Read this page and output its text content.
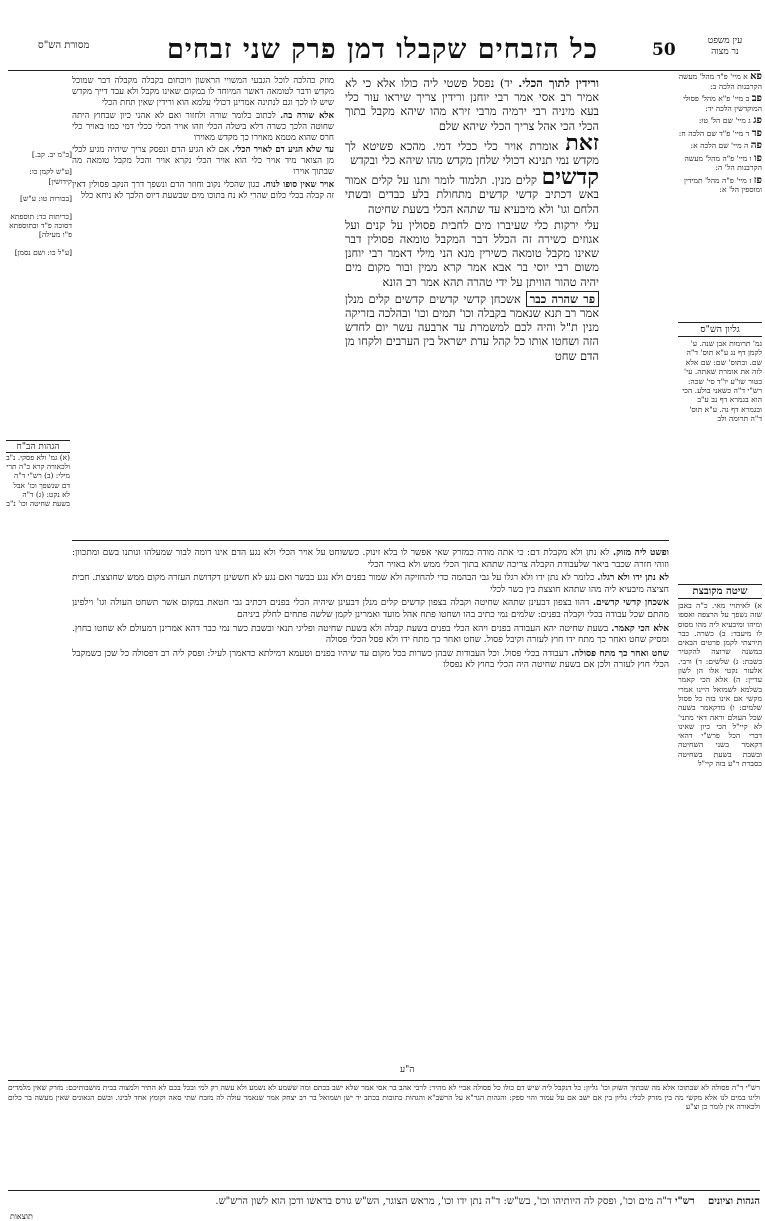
עין משפט
נר מצוה
50
כל הזבחים שקבלו דמן פרק שני זבחים
מסורת הש"ס
פא א מיי' פ"ד מהל' מעשה הקרבנות הלכה ב:
פב ב מיי' פ"א מהל' פסולי המוקדשין הלכה יד:
פג ג מיי' שם הל' טו:
פד ד מיי' פ"ד שם הלכה ח:
פה ה מיי' שם הלכה א:
פו ו מיי' פ"ה מהל' מעשה הקרבנות הל' ה:
פז ז מיי' פ"ה מהל' תמידין ומוספין הל' א:
גליון הש"ס
גמ' תרומות אבן שנה. ע' לקמן דף נג ע"א תוס' ד"ה שם. ובתוס' שם: שם אלא לזה את אומרת שאתה. עי' בטור שו"ע יו"ד סי' שכה: רש"י ד"ה כשאני בולע. הכי הוא בגמרא דף נב ע"ב ובגמרא דף נה. ע"א תוס' ד"ה תרומה ולב
שיטה מקובצת
א) לאיתויי מאי. כ"ה באבן שזה נשפך על הרצפה ואספו ומיהו ומיבעיא ליה מהו מסוס לו מיעבד: ב) כשרה. כבר תירצתי לקמן פרטים הבאים במשנה שרוצה להקטיר בשבת: ג) שלשים: ד) ורבי. אלעזר נקטי אלו הן לשון עדיין: ה) אלא הכי קאמר בשלמא לשמואל היינו אמרי מקשי אם אינו בזה כל פסול שלמים: ו) מדקאמר בשעה שכל העולם וראה דאי מתני' לא קיי"ל הכי כיון שאינו דברי הכל פרש"י דהאי דקאמר בשני השחיטה ובשבת בשעת בשחיטה כסברת ר"ע בזה קיי"ל

ורידין לתוך הכלי. יד) נפסל פשטי ליה כולו אלא כי לא אמיר רב אסי אמר רבי יוחנן ורידין צריך שיראו עור כלי בעא מיניה רבי ירמיה מרבי זירא מהו שיהא מקבל בתוך הכלי הכי אהל צריך הכלי שיהא שלם

זאת אומרת אויר כלי ככלי דמי. מהכא פשיטא לך מקדש נמי תנינא דכולי שלחן מקדש מהו שיהא כלי ובקדש

קדשים קלים מנין. תלמוד לומר ותנו על קלים אמור באש דכתיב קדשי קדשים מתחולת בלע כבדים ובשתי הלחם וגו' ולא מיבעיא עד שתהא הכלי בשעת שחיטה

עלי ירקות כלי שעיברו מים לחבית פסולין על קנים ועל אגוזים כשירה זה הכלל דבר המקבל טומאה פסולין דבר שאינו מקבל טומאה כשירין מנא הני מילי דאמר רבי יוחנן משום רבי יוסי בר אבא אמר קרא ממין ובור מקום מים יהיה טהור הוויתן על ידי טהרה תהא אמר רב הונא

פר שהרה כבר אשכחן קדשי קדשים קדשים קלים מנלן אמר רב תנא שנאמר בקבלה וכו' תמים וכו' ובהלכה בזריקה מנין ת"ל והיה לכם למשמרת עד ארבעה עשר יום לחדש הזה ושחטו אותו כל קהל עדת ישראל בין הערבים ולקחו מן הדם שחט

מוזק כהלכה לוכל הגבעי המשויי הראשון ויוכחום בקבלה מקבלה דבר שמוכל מקדש ודבר לטומאה דאשר המיוחד לו במקום שאינו מקבל ולא עבד דייך מקדש שיש לו לכך וגם לנתינה אמרינן דכולי עלמא הוא ורידין שאין תחת הכלי

אלא שורה בה. לכתוב כלומר שורה ולחזור ואם לא אהני כיון שבחוץ היתה שחוטה הלכך כשרה דלא ביטלה הכלי וזהו אויר הכלי ככלי דמי כמו באויר כלי חרס שהוא מטמא מאוירו כך מקדש מאוירו

עד שלא הגיע דם לאויר הכלי. אם לא הגיע הדם ונפסק צריך שיהיה מגיע לכלי מן הצואר מיד אויר כלי הוא אויר הכלי נקרא אויר והכל מקבל טומאה מה שבתוך אוירו

אויר שאין סופו לנוח. כגון שהכלי נקוב וחוזר הדם ונשפך דרך הנקב פסולין דאין זה קבלה בכלי כלום שהרי לא נח בתוכו מים שבשעת דיוס הלכך לא ניחא כלל

[ב"מ יב. קב.]
[ע"ש לקמן כו: קידושין]
[בכורות טו: ע"ש]
[כריתות כד: תוספתא דסוכה פ"ד ובתוספתא פ"ו מעילה]
[ע"ל כו: ושם נסמן]
הגהות הב"ח
(א) גמ' ולא פסקי. נ"ב ולכאורה קרא כ"ה תרי מילי: (ב) רש"י ד"ה דם שנשפך וכו' אבל לא נקט: (ג) ד"ה בשעת שחיטה וכו' נ"ב

ופשט ליה מזוק. לא נתן ולא מקבלת דם: כי אתה מודה כמזרק שאי אפשר לו בלא זינוק. כששוחט על אויר הכלי ולא נגע הדם אינו דומה לבור שמעלהו ונותנו בשם ומתכוון: וזוהי חזרה שכבר ביאר שלעבודת הקבלה צריכה שתהא בתוך הכלי ממש ולא באויר הכלי

לא נתן ידו ולא רגלו. כלומר לא נתן ידו ולא רגלו על גבי הבהמה כדי להחזיקה ולא שמור בפנים ולא נגע בבשר ואם נגע לא חששינן דקדושת העזרה מקום ממש שחוצצת. חבית חציצה מיבעיא ליה מהו שתהא חוצצת בין בשר לכלי

אשכחן קדשי קדשים. דהוו בצפון דבעינן שתהא שחיטה וקבלה בצפון קדשים קלים מנלן דבעינן שיהיה הכלי בפנים דכתיב גבי חטאת במקום אשר תשחט העולה וגו' וילפינן מהתם שכל עבודה בכלי וקבלה בפנים: שלמים נמי כתיב בהו ושחטו פתח אהל מועד ואמרינן לקמן שלשה פתחים לחלק ביניהם

אלא הכי קאמר. בשעת שחיטה יהא העבודה בפנים ויהא הכלי בפנים בשעת קבלה ולא בשעת שחיטה ופליגי תנאי ובשבת כשר נמי כבר דהא אמרינן דמעולם לא שחטו בחוץ. ומסיק שחט ואחר כך מתח ידו חוץ לעזרה וקיבל פסול. שחט ואחר כך מתח ידו ולא פסל הכלי פסולה

שחט ואחר כך מתח פסולה. דעבודה בכלי פסול. וכל העבודות שבהן כשרות בכל מקום עד שיהיו בפנים וטעמא דמילתא כדאמרן לעיל: ופסק ליה רב דפסולה כל שכן כשמקבל הכלי חוץ לעזרה ולכן אם בשעת שחיטה היה הכלי בחוץ לא נפסלו

ה"ע
רש"י ד"ה פסולה לא שבתוכו אלא מה שבתוך השוק וכו' גליון: כל דנקבל ליה שיש דם כולו כל פסולה אביי לא מהיר: לרבי אהב בר אסי אמר שלא ישב בכתם ומה ששמע לא נשמע ולא עשה רק למי ובכל בכם לא התיר ולמצוה בבית מושבותיכם: מזרק שאין מלמדים וליגו במים לנו אלא מקשי מה בין מזרק לכלי: גליון בין אם ישב אם על עמוד והוי ספק: והגהות הגר"א על הרשב"א והגהות כתובות בכתב יד ישן ושמואל בר רב יצחק אמר שנאמר עולה לה מזבח שתי סאה וקומץ אחד לבינו. ובשם הגאונים שאין מעשה בר כלום ולכאורה אין לומר כן וצ"ע
הגהות וציונים רש"י ד"ה מים וכו', ופסק לה היותיהו וכו', בש"ש: ד"ה נתן ידו וכו', מראש הצוגר, הש"ש גורס בראשו ודכן הוא לשון הרש"ש.
תוצאות
